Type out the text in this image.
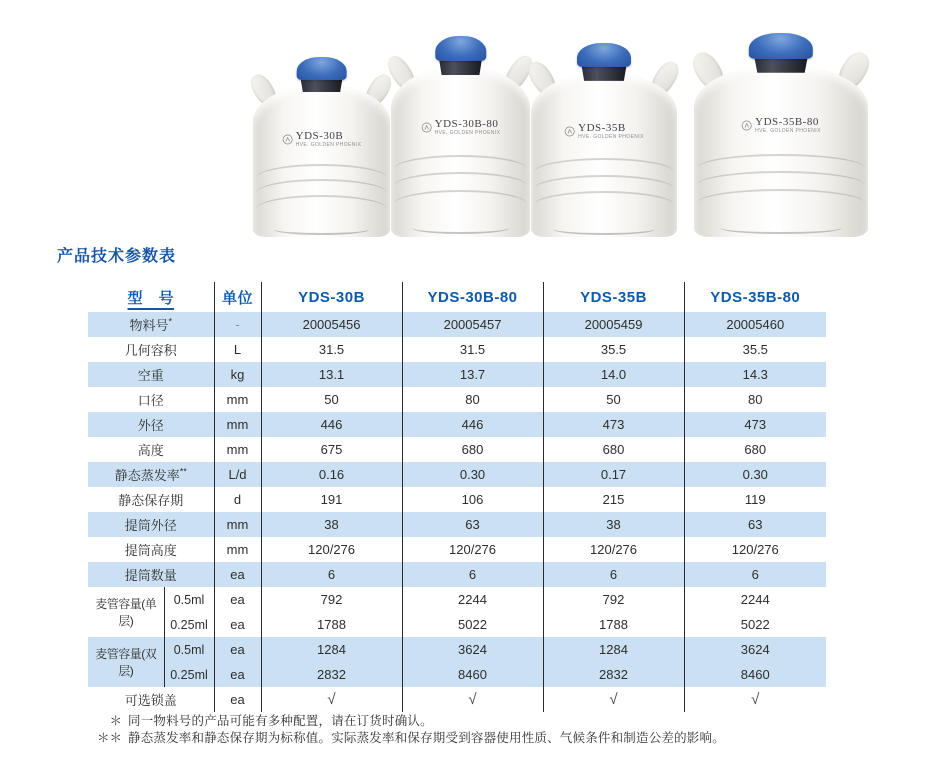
YDS-30B
HVE. GOLDEN PHOENIX
YDS-30B-80
HVE. GOLDEN PHOENIX	YDS-35B
HVE. GOLDEN PHOENIX
YDS-35B-80
HVE. GOLDEN PHOENIX
产品技术参数表
型　号		单位	YDS-30B	YDS-30B-80	YDS-35B	YDS-35B-80
物料号*		-	20005456	20005457	20005459	20005460
几何容积		L	31.5	31.5	35.5	35.5
空重		kg	13.1	13.7	14.0	14.3
口径		mm	50	80	50	80
外径		mm	446	446	473	473
高度		mm	675	680	680	680
静态蒸发率**		L/d	0.16	0.30	0.17	0.30
静态保存期		d	191	106	215	119
提筒外径		mm	38	63	38	63
提筒高度		mm	120/276	120/276	120/276	120/276
提筒数量		ea	6	6	6	6
麦管容量(单层)	0.5ml	ea	792	2244	792	2244
	0.25ml	ea	1788	5022	1788	5022
麦管容量(双层)	0.5ml	ea	1284	3624	1284	3624
	0.25ml	ea	2832	8460	2832	8460
可选锁盖		ea	√	√	√	√
＊ 同一物料号的产品可能有多种配置，请在订货时确认。
＊＊ 静态蒸发率和静态保存期为标称值。实际蒸发率和保存期受到容器使用性质、气候条件和制造公差的影响。
